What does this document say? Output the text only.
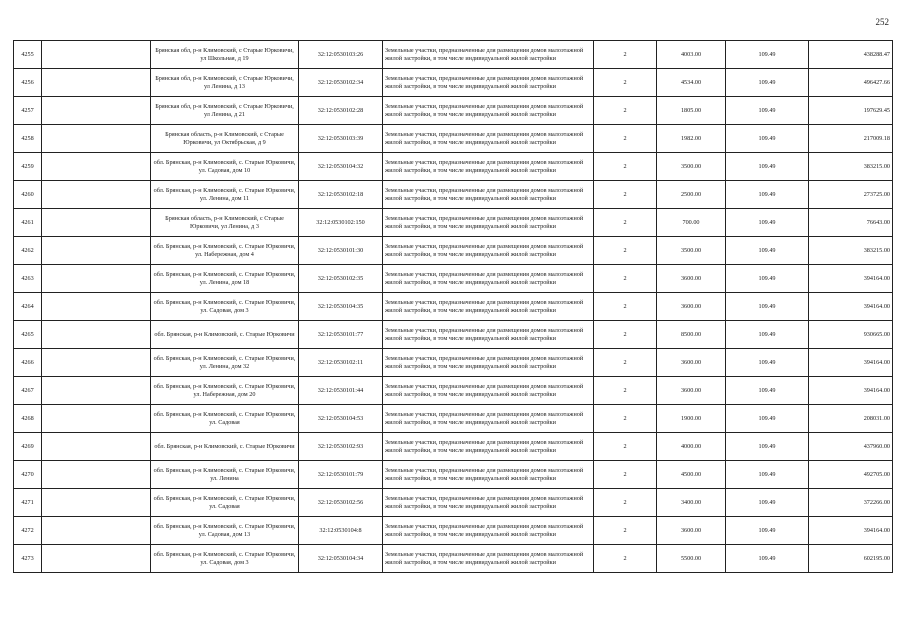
252
4255		Брянская обл, р-н Климовский, с Старые Юрковичи, ул Школьная, д 19	32:12:0530103:26	Земельные участки, предназначенные для размещения домов малоэтажной жилой застройки, в том числе индивидуальной жилой застройки	2	4003.00	109.49	438288.47
4256		Брянская обл, р-н Климовский, с Старые Юрковичи, ул Ленина, д 13	32:12:0530102:34	Земельные участки, предназначенные для размещения домов малоэтажной жилой застройки, в том числе индивидуальной жилой застройки	2	4534.00	109.49	496427.66
4257		Брянская обл, р-н Климовский, с Старые Юрковичи, ул Ленина, д 21	32:12:0530102:28	Земельные участки, предназначенные для размещения домов малоэтажной жилой застройки, в том числе индивидуальной жилой застройки	2	1805.00	109.49	197629.45
4258		Брянская область, р-н Климовский, с Старые Юрковичи, ул Октябрьская, д 9	32:12:0530103:39	Земельные участки, предназначенные для размещения домов малоэтажной жилой застройки, в том числе индивидуальной жилой застройки	2	1982.00	109.49	217009.18
4259		обл. Брянская, р-н Климовский, с. Старые Юрковичи, ул. Садовая, дом 10	32:12:0530104:32	Земельные участки, предназначенные для размещения домов малоэтажной жилой застройки, в том числе индивидуальной жилой застройки	2	3500.00	109.49	383215.00
4260		обл. Брянская, р-н Климовский, с. Старые Юрковичи, ул. Ленина, дом 11	32:12:0530102:18	Земельные участки, предназначенные для размещения домов малоэтажной жилой застройки, в том числе индивидуальной жилой застройки	2	2500.00	109.49	273725.00
4261		Брянская область, р-н Климовский, с Старые Юрковичи, ул Ленина, д 3	32:12:0530102:150	Земельные участки, предназначенные для размещения домов малоэтажной жилой застройки, в том числе индивидуальной жилой застройки	2	700.00	109.49	76643.00
4262		обл. Брянская, р-н Климовский, с. Старые Юрковичи, ул. Набережная, дом 4	32:12:0530101:30	Земельные участки, предназначенные для размещения домов малоэтажной жилой застройки, в том числе индивидуальной жилой застройки	2	3500.00	109.49	383215.00
4263		обл. Брянская, р-н Климовский, с. Старые Юрковичи, ул. Ленина, дом 18	32:12:0530102:35	Земельные участки, предназначенные для размещения домов малоэтажной жилой застройки, в том числе индивидуальной жилой застройки	2	3600.00	109.49	394164.00
4264		обл. Брянская, р-н Климовский, с. Старые Юрковичи, ул. Садовая, дом 3	32:12:0530104:35	Земельные участки, предназначенные для размещения домов малоэтажной жилой застройки, в том числе индивидуальной жилой застройки	2	3600.00	109.49	394164.00
4265		обл. Брянская, р-н Климовский, с. Старые Юрковичи	32:12:0530101:77	Земельные участки, предназначенные для размещения домов малоэтажной жилой застройки, в том числе индивидуальной жилой застройки	2	8500.00	109.49	930665.00
4266		обл. Брянская, р-н Климовский, с. Старые Юрковичи, ул. Ленина, дом 32	32:12:0530102:11	Земельные участки, предназначенные для размещения домов малоэтажной жилой застройки, в том числе индивидуальной жилой застройки	2	3600.00	109.49	394164.00
4267		обл. Брянская, р-н Климовский, с. Старые Юрковичи, ул. Набережная, дом 20	32:12:0530101:44	Земельные участки, предназначенные для размещения домов малоэтажной жилой застройки, в том числе индивидуальной жилой застройки	2	3600.00	109.49	394164.00
4268		обл. Брянская, р-н Климовский, с. Старые Юрковичи, ул. Садовая	32:12:0530104:53	Земельные участки, предназначенные для размещения домов малоэтажной жилой застройки, в том числе индивидуальной жилой застройки	2	1900.00	109.49	208031.00
4269		обл. Брянская, р-н Климовский, с. Старые Юрковичи	32:12:0530102:93	Земельные участки, предназначенные для размещения домов малоэтажной жилой застройки, в том числе индивидуальной жилой застройки	2	4000.00	109.49	437960.00
4270		обл. Брянская, р-н Климовский, с. Старые Юрковичи, ул. Ленина	32:12:0530101:79	Земельные участки, предназначенные для размещения домов малоэтажной жилой застройки, в том числе индивидуальной жилой застройки	2	4500.00	109.49	492705.00
4271		обл. Брянская, р-н Климовский, с. Старые Юрковичи, ул. Садовая	32:12:0530102:56	Земельные участки, предназначенные для размещения домов малоэтажной жилой застройки, в том числе индивидуальной жилой застройки	2	3400.00	109.49	372266.00
4272		обл. Брянская, р-н Климовский, с. Старые Юрковичи, ул. Садовая, дом 13	32:12:0530104:8	Земельные участки, предназначенные для размещения домов малоэтажной жилой застройки, в том числе индивидуальной жилой застройки	2	3600.00	109.49	394164.00
4273		обл. Брянская, р-н Климовский, с. Старые Юрковичи, ул. Садовая, дом 3	32:12:0530104:34	Земельные участки, предназначенные для размещения домов малоэтажной жилой застройки, в том числе индивидуальной жилой застройки	2	5500.00	109.49	602195.00
